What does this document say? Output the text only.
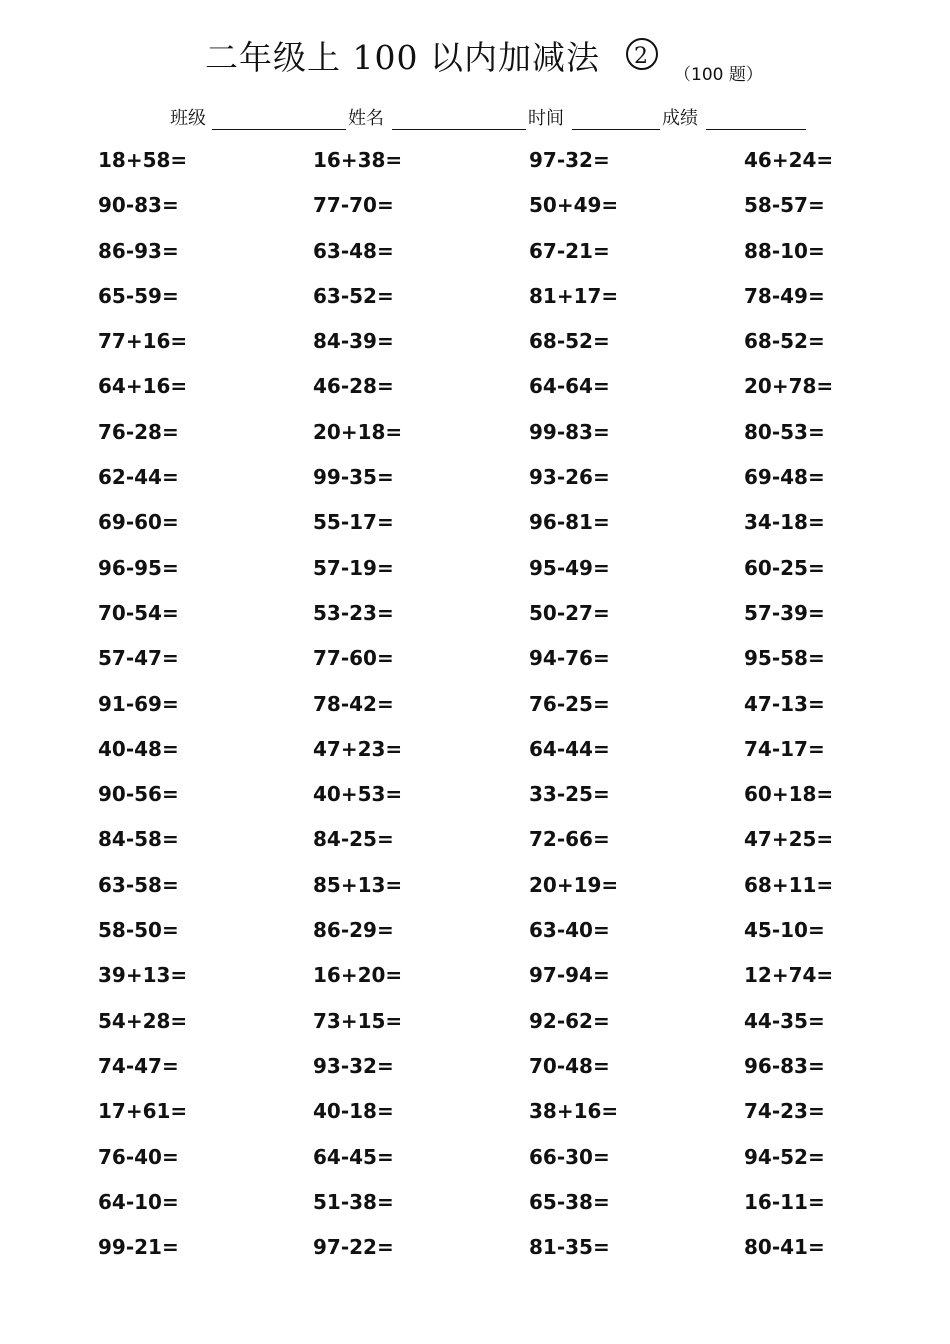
二年级上 100 以内加减法 2
（100 题）
班级	姓名	时间	成绩
18+58=	16+38=	97-32=	46+24=
90-83=	77-70=	50+49=	58-57=
86-93=	63-48=	67-21=	88-10=
65-59=	63-52=	81+17=	78-49=
77+16=	84-39=	68-52=	68-52=
64+16=	46-28=	64-64=	20+78=
76-28=	20+18=	99-83=	80-53=
62-44=	99-35=	93-26=	69-48=
69-60=	55-17=	96-81=	34-18=
96-95=	57-19=	95-49=	60-25=
70-54=	53-23=	50-27=	57-39=
57-47=	77-60=	94-76=	95-58=
91-69=	78-42=	76-25=	47-13=
40-48=	47+23=	64-44=	74-17=
90-56=	40+53=	33-25=	60+18=
84-58=	84-25=	72-66=	47+25=
63-58=	85+13=	20+19=	68+11=
58-50=	86-29=	63-40=	45-10=
39+13=	16+20=	97-94=	12+74=
54+28=	73+15=	92-62=	44-35=
74-47=	93-32=	70-48=	96-83=
17+61=	40-18=	38+16=	74-23=
76-40=	64-45=	66-30=	94-52=
64-10=	51-38=	65-38=	16-11=
99-21=	97-22=	81-35=	80-41=
